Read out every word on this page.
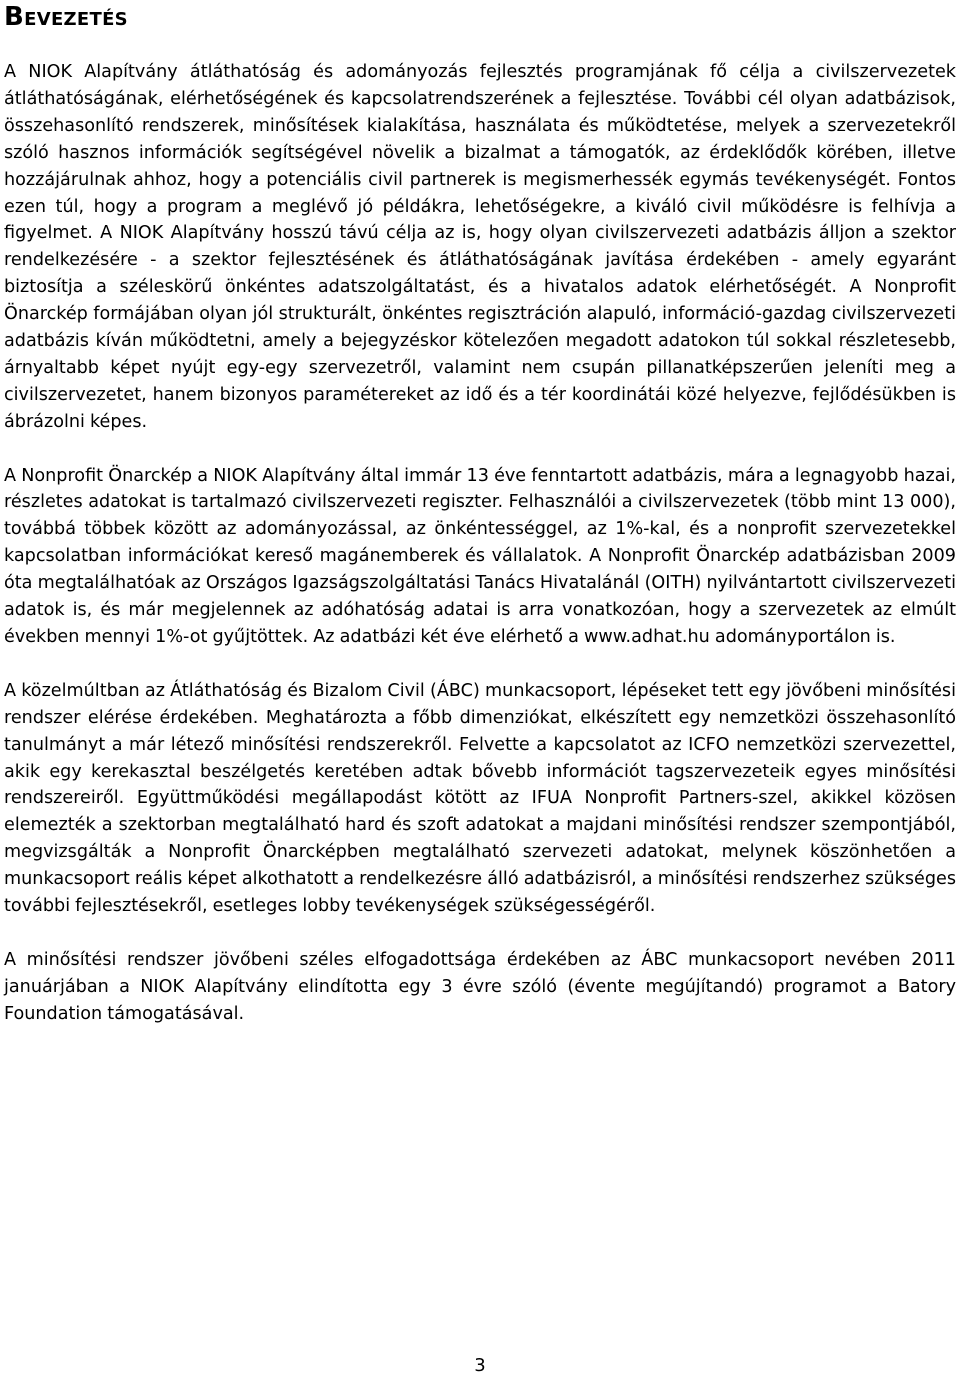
Bevezetés

A NIOK Alapítvány átláthatóság és adományozás fejlesztés programjának fő célja a civilszervezetek átláthatóságának, elérhetőségének és kapcsolatrendszerének a fejlesztése. További cél olyan adatbázisok, összehasonlító rendszerek, minősítések kialakítása, használata és működtetése, melyek a szervezetekről szóló hasznos információk segítségével növelik a bizalmat a támogatók, az érdeklődők körében, illetve hozzájárulnak ahhoz, hogy a potenciális civil partnerek is megismerhessék egymás tevékenységét. Fontos ezen túl, hogy a program a meglévő jó példákra, lehetőségekre, a kiváló civil működésre is felhívja a figyelmet. A NIOK Alapítvány hosszú távú célja az is, hogy olyan civilszervezeti adatbázis álljon a szektor rendelkezésére - a szektor fejlesztésének és átláthatóságának javítása érdekében - amely egyaránt biztosítja a széleskörű önkéntes adatszolgáltatást, és a hivatalos adatok elérhetőségét. A Nonprofit Önarckép formájában olyan jól strukturált, önkéntes regisztráción alapuló, információ-gazdag civilszervezeti adatbázis kíván működtetni, amely a bejegyzéskor kötelezően megadott adatokon túl sokkal részletesebb, árnyaltabb képet nyújt egy-egy szervezetről, valamint nem csupán pillanatképszerűen jeleníti meg a civilszervezetet, hanem bizonyos paramétereket az idő és a tér koordinátái közé helyezve, fejlődésükben is ábrázolni képes.

A Nonprofit Önarckép a NIOK Alapítvány által immár 13 éve fenntartott adatbázis, mára a legnagyobb hazai, részletes adatokat is tartalmazó civilszervezeti regiszter. Felhasználói a civilszervezetek (több mint 13 000), továbbá többek között az adományozással, az önkéntességgel, az 1%-kal, és a nonprofit szervezetekkel kapcsolatban információkat kereső magánemberek és vállalatok. A Nonprofit Önarckép adatbázisban 2009 óta megtalálhatóak az Országos Igazságszolgáltatási Tanács Hivatalánál (OITH) nyilvántartott civilszervezeti adatok is, és már megjelennek az adóhatóság adatai is arra vonatkozóan, hogy a szervezetek az elmúlt években mennyi 1%-ot gyűjtöttek. Az adatbázi két éve elérhető a www.adhat.hu adományportálon is.

A közelmúltban az Átláthatóság és Bizalom Civil (ÁBC) munkacsoport, lépéseket tett egy jövőbeni minősítési rendszer elérése érdekében. Meghatározta a főbb dimenziókat, elkészített egy nemzetközi összehasonlító tanulmányt a már létező minősítési rendszerekről. Felvette a kapcsolatot az ICFO nemzetközi szervezettel, akik egy kerekasztal beszélgetés keretében adtak bővebb információt tagszervezeteik egyes minősítési rendszereiről. Együttműködési megállapodást kötött az IFUA Nonprofit Partners-szel, akikkel közösen elemezték a szektorban megtalálható hard és szoft adatokat a majdani minősítési rendszer szempontjából, megvizsgálták a Nonprofit Önarcképben megtalálható szervezeti adatokat, melynek köszönhetően a munkacsoport reális képet alkothatott a rendelkezésre álló adatbázisról, a minősítési rendszerhez szükséges további fejlesztésekről, esetleges lobby tevékenységek szükségességéről.

A minősítési rendszer jövőbeni széles elfogadottsága érdekében az ÁBC munkacsoport nevében 2011 januárjában a NIOK Alapítvány elindította egy 3 évre szóló (évente megújítandó) programot a Batory Foundation támogatásával.

3
